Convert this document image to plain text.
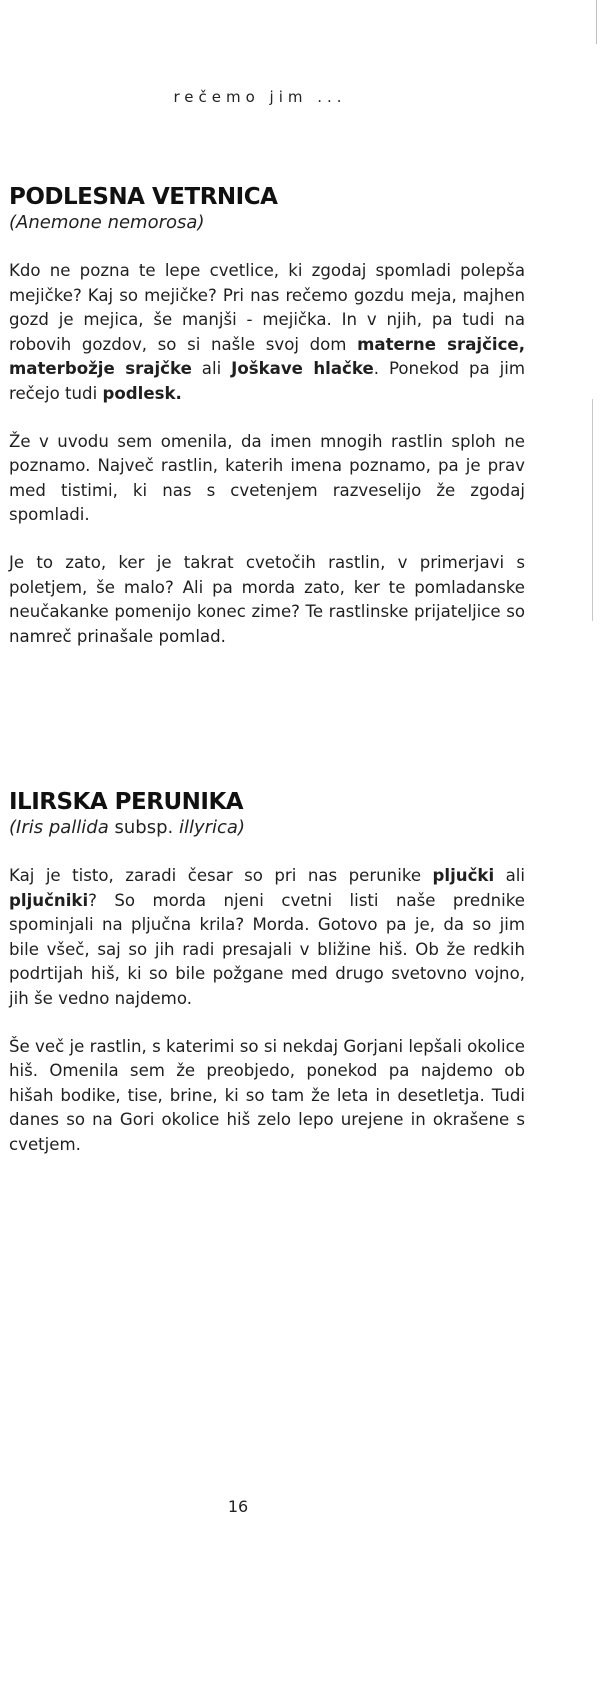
rečemo jim ...
PODLESNA VETRNICA

(Anemone nemorosa)

Kdo ne pozna te lepe cvetlice, ki zgodaj spomladi polepša mejičke? Kaj so mejičke? Pri nas rečemo gozdu meja, majhen gozd je mejica, še manjši - mejička. In v njih, pa tudi na robovih gozdov, so si našle svoj dom materne srajčice, materbožje srajčke ali Joškave hlačke. Ponekod pa jim rečejo tudi podlesk.

Že v uvodu sem omenila, da imen mnogih rastlin sploh ne poznamo. Največ rastlin, katerih imena poznamo, pa je prav med tistimi, ki nas s cvetenjem razveselijo že zgodaj spomladi.

Je to zato, ker je takrat cvetočih rastlin, v primerjavi s poletjem, še malo? Ali pa morda zato, ker te pomladanske neučakanke pomenijo konec zime? Te rastlinske prijateljice so namreč prinašale pomlad.

ILIRSKA PERUNIKA

(Iris pallida subsp. illyrica)

Kaj je tisto, zaradi česar so pri nas perunike pljučki ali pljučniki? So morda njeni cvetni listi naše prednike spominjali na pljučna krila? Morda. Gotovo pa je, da so jim bile všeč, saj so jih radi presajali v bližine hiš. Ob že redkih podrtijah hiš, ki so bile požgane med drugo svetovno vojno, jih še vedno najdemo.

Še več je rastlin, s katerimi so si nekdaj Gorjani lepšali okolice hiš. Omenila sem že preobjedo, ponekod pa najdemo ob hišah bodike, tise, brine, ki so tam že leta in desetletja. Tudi danes so na Gori okolice hiš zelo lepo urejene in okrašene s cvetjem.

16
